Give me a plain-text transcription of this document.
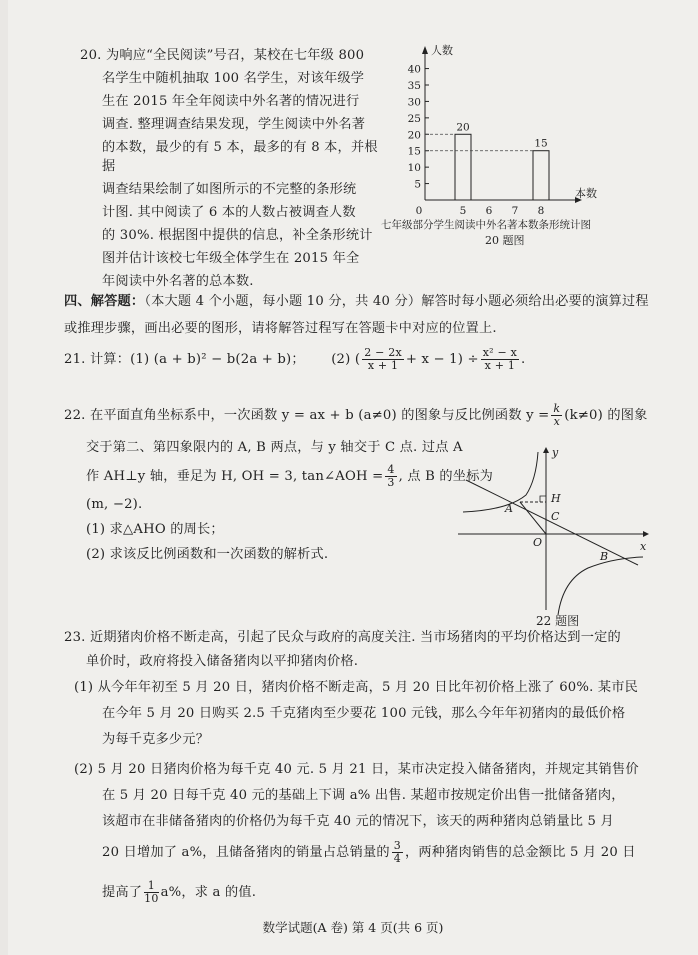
20. 为响应“全民阅读”号召，某校在七年级 800
名学生中随机抽取 100 名学生，对该年级学
生在 2015 年全年阅读中外名著的情况进行
调查. 整理调查结果发现，学生阅读中外名著
的本数，最少的有 5 本，最多的有 8 本，并根据
调查结果绘制了如图所示的不完整的条形统
计图. 其中阅读了 6 本的人数占被调查人数
的 30%. 根据图中提供的信息，补全条形统计
图并估计该校七年级全体学生在 2015 年全
年阅读中外名著的总本数.
5
10
15
20
25
30
35
40
0	5 6 7 8
20
15
人数
本数
七年级部分学生阅读中外名著本数条形统计图
20 题图
四、解答题：（本大题 4 个小题，每小题 10 分，共 40 分）解答时每小题必须给出必要的演算过程
或推理步骤，画出必要的图形，请将解答过程写在答题卡中对应的位置上.
21. 计算：(1) (a + b)² − b(2a + b)； (2) ( $\frac{2 - 2x}{x + 1} + x - 1) \div \frac{\text{x² − x}}{x + 1}$ .
22. 在平面直角坐标系中，一次函数 y = ax + b (a≠0) 的图象与反比例函数 $y = \frac{k}{x} (k\ne 0)$ 的图象
交于第二、第四象限内的 A, B 两点，与 y 轴交于 C 点. 过点 A
作 AH⊥y 轴，垂足为 H, OH = 3, tan∠AOH = $\frac{4}{3}$ , 点 B 的坐标为
(m, −2).
(1) 求△AHO 的周长；
(2) 求该反比例函数和一次函数的解析式.
y
x
A
H
C
O
B
22 题图
23. 近期猪肉价格不断走高，引起了民众与政府的高度关注. 当市场猪肉的平均价格达到一定的
单价时，政府将投入储备猪肉以平抑猪肉价格.
(1) 从今年年初至 5 月 20 日，猪肉价格不断走高，5 月 20 日比年初价格上涨了 60%. 某市民
在今年 5 月 20 日购买 2.5 千克猪肉至少要花 100 元钱，那么今年年初猪肉的最低价格
为每千克多少元？
(2) 5 月 20 日猪肉价格为每千克 40 元. 5 月 21 日，某市决定投入储备猪肉，并规定其销售价
在 5 月 20 日每千克 40 元的基础上下调 a% 出售. 某超市按规定价出售一批储备猪肉，
该超市在非储备猪肉的价格仍为每千克 40 元的情况下，该天的两种猪肉总销量比 5 月
20 日增加了 a%，且储备猪肉的销量占总销量的 $\frac{3}{4}$ ，两种猪肉销售的总金额比 5 月 20 日
提高了 $\frac{1}{10} a\%$，求 a 的值.
数学试题(A 卷) 第 4 页(共 6 页)
